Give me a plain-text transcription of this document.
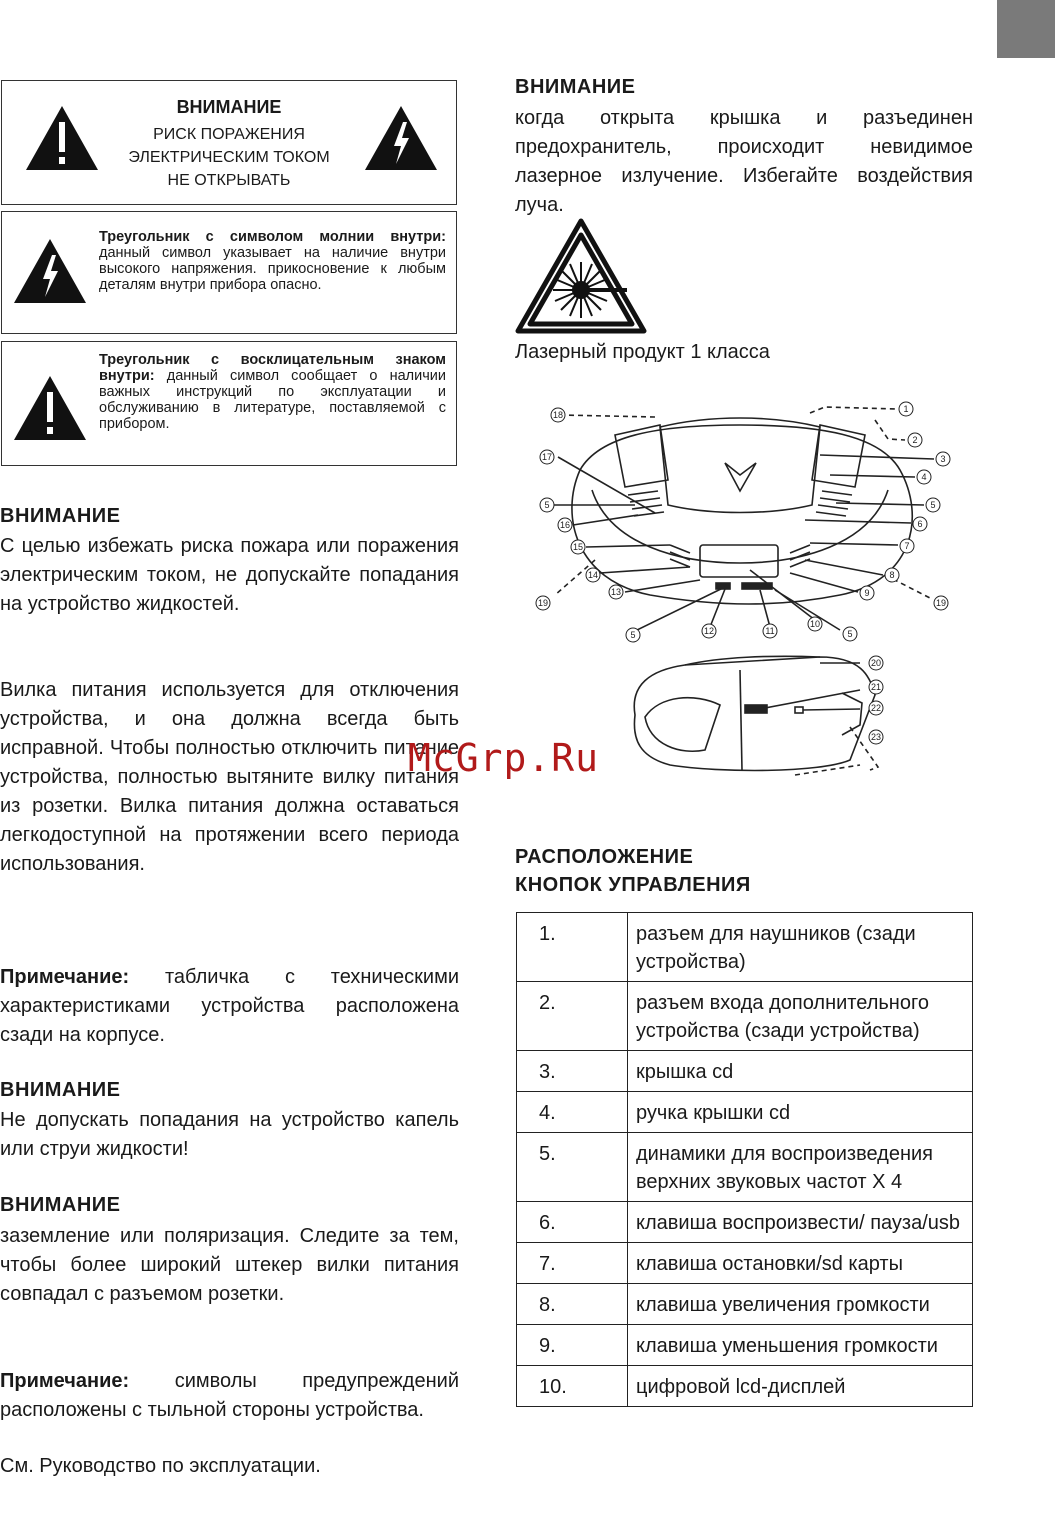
ВНИМАНИЕ
РИСК ПОРАЖЕНИЯ
ЭЛЕКТРИЧЕСКИМ ТОКОМ
НЕ ОТКРЫВАТЬ
Треугольник с символом молнии внутри: данный символ указывает на наличие внутри высокого напряжения. прикосновение к любым деталям внутри прибора опасно.
Треугольник с восклицательным знаком внутри: данный символ сообщает о наличии важных инструкций по эксплуатации и обслуживанию в литературе, поставляемой с прибором.
ВНИМАНИЕ

С целью избежать риска пожара или поражения электрическим током, не допускайте попадания на устройство жидкостей.

Вилка питания используется для отключения устройства, и она должна всегда быть исправной. Чтобы полностью отключить питание устройства, полностью вытяните вилку питания из розетки. Вилка питания должна оставаться легкодоступной на протяжении всего периода использования.

Примечание: табличка с техническими характеристиками устройства расположена сзади на корпусе.

ВНИМАНИЕ

Не допускать попадания на устройство капель или струи жидкости!

ВНИМАНИЕ

заземление или поляризация. Следите за тем, чтобы более широкий штекер вилки питания совпадал с разъемом розетки.

Примечание: символы предупреждений расположены с тыльной стороны устройства.

См. Руководство по эксплуатации.
ВНИМАНИЕ

когда открыта крышка и разъединен предохранитель, происходит невидимое лазерное излучение. Избегайте воздействия луча.

Лазерный продукт 1 класса
1
2
3
4
5
6
7
8
9
10
11
12
13
14
15
16
17
18
19	19
5
5	5
20
21
22
23
McGrp.Ru
РАСПОЛОЖЕНИЕ
КНОПОК УПРАВЛЕНИЯ
1.	разъем для наушников (сзади устройства)
2.	разъем входа дополнительного устройства (сзади устройства)
3.	крышка cd
4.	ручка крышки cd
5.	динамики для воспроизведения верхних звуковых частот X 4
6.	клавиша воспроизвести/ пауза/usb
7.	клавиша остановки/sd карты
8.	клавиша увеличения громкости
9.	клавиша уменьшения громкости
10.	цифровой lcd-дисплей
